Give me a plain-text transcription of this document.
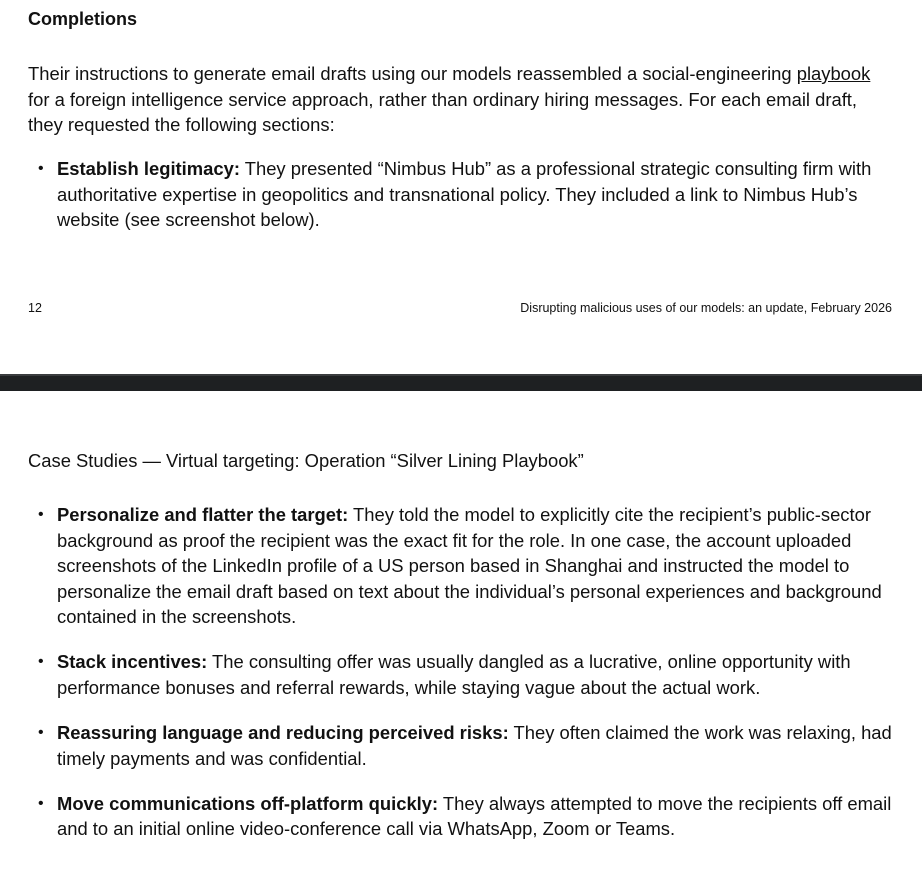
Completions

Their instructions to generate email drafts using our models reassembled a social-engineering playbook for a foreign intelligence service approach, rather than ordinary hiring messages. For each email draft, they requested the following sections:

• Establish legitimacy: They presented “Nimbus Hub” as a professional strategic consulting firm with authoritative expertise in geopolitics and transnational policy. They included a link to Nimbus Hub’s website (see screenshot below).
12	Disrupting malicious uses of our models: an update, February 2026

Case Studies — Virtual targeting: Operation “Silver Lining Playbook”

• Personalize and flatter the target: They told the model to explicitly cite the recipient’s public-sector background as proof the recipient was the exact fit for the role. In one case, the account uploaded screenshots of the LinkedIn profile of a US person based in Shanghai and instructed the model to personalize the email draft based on text about the individual’s personal experiences and background contained in the screenshots.
• Stack incentives: The consulting offer was usually dangled as a lucrative, online opportunity with performance bonuses and referral rewards, while staying vague about the actual work.
• Reassuring language and reducing perceived risks: They often claimed the work was relaxing, had timely payments and was confidential.
• Move communications off-platform quickly: They always attempted to move the recipients off email and to an initial online video-conference call via WhatsApp, Zoom or Teams.
